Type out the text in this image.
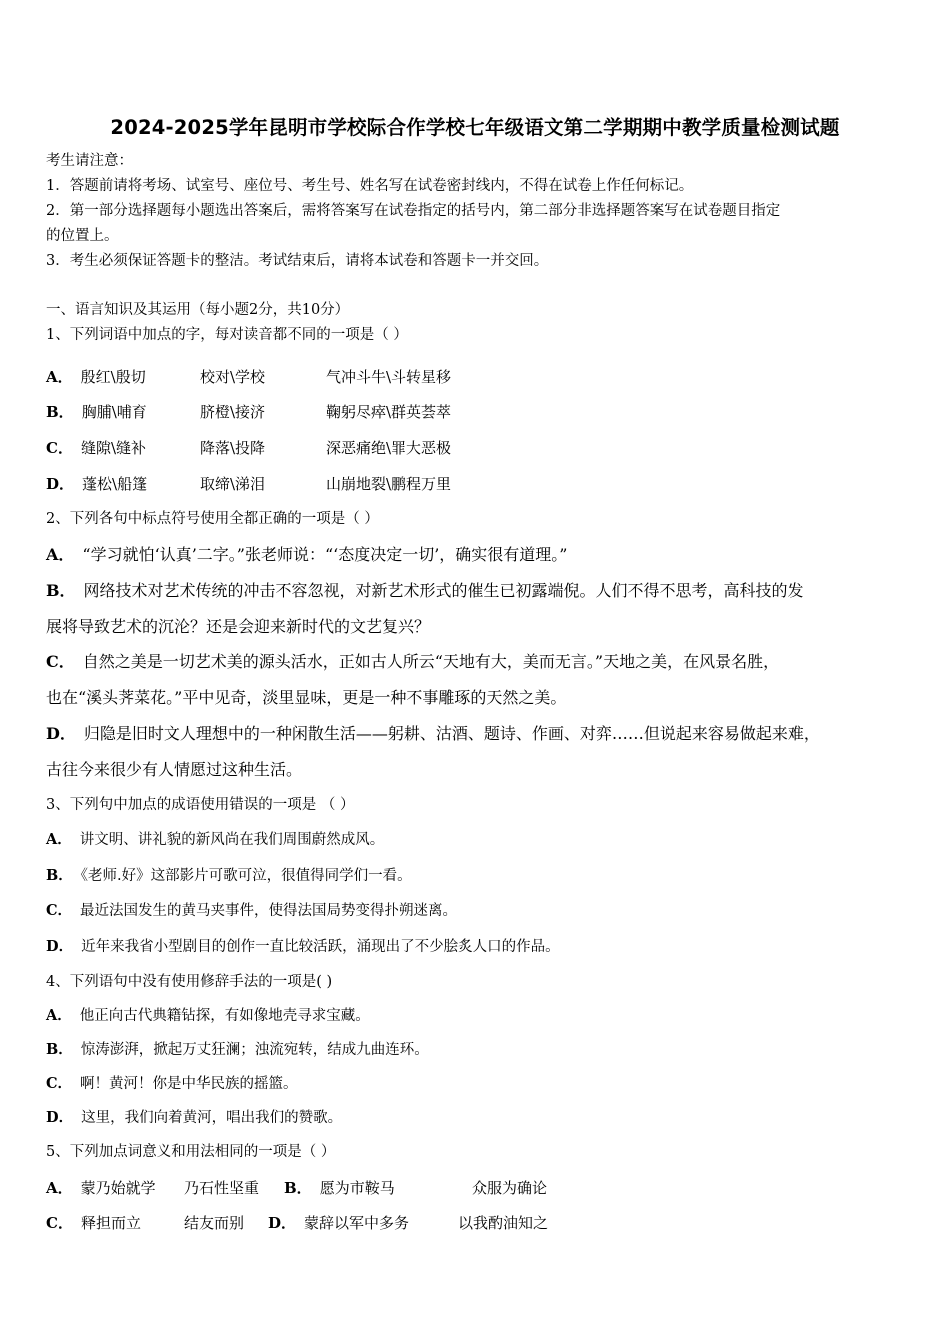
2024-2025学年昆明市学校际合作学校七年级语文第二学期期中教学质量检测试题
考生请注意：
1．答题前请将考场、试室号、座位号、考生号、姓名写在试卷密封线内，不得在试卷上作任何标记。
2．第一部分选择题每小题选出答案后，需将答案写在试卷指定的括号内，第二部分非选择题答案写在试卷题目指定
的位置上。
3．考生必须保证答题卡的整洁。考试结束后，请将本试卷和答题卡一并交回。
一、语言知识及其运用（每小题2分，共10分）
1、下列词语中加点的字，每对读音都不同的一项是（ ）
A． 殷红\殷切	校对\学校	气冲斗牛\斗转星移
B． 胸脯\哺育	脐橙\接济	鞠躬尽瘁\群英荟萃
C． 缝隙\缝补	降落\投降	深恶痛绝\罪大恶极
D． 蓬松\船篷	取缔\涕泪	山崩地裂\鹏程万里
2、下列各句中标点符号使用全都正确的一项是（ ）
A． “学习就怕‘认真’二字。”张老师说：“‘态度决定一切’，确实很有道理。”
B． 网络技术对艺术传统的冲击不容忽视，对新艺术形式的催生已初露端倪。人们不得不思考，高科技的发
展将导致艺术的沉沦？还是会迎来新时代的文艺复兴？
C． 自然之美是一切艺术美的源头活水，正如古人所云“天地有大，美而无言。”天地之美，在风景名胜，
也在“溪头荠菜花。”平中见奇，淡里显味，更是一种不事雕琢的天然之美。
D． 归隐是旧时文人理想中的一种闲散生活——躬耕、沽酒、题诗、作画、对弈……但说起来容易做起来难，
古往今来很少有人情愿过这种生活。
3、下列句中加点的成语使用错误的一项是 （ ）
A． 讲文明、讲礼貌的新风尚在我们周围蔚然成风。
B． 《老师.好》这部影片可歌可泣，很值得同学们一看。
C． 最近法国发生的黄马夹事件，使得法国局势变得扑朔迷离。
D． 近年来我省小型剧目的创作一直比较活跃，涌现出了不少脍炙人口的作品。
4、下列语句中没有使用修辞手法的一项是( )
A． 他正向古代典籍钻探，有如像地壳寻求宝藏。
B． 惊涛澎湃，掀起万丈狂澜；浊流宛转，结成九曲连环。
C． 啊！黄河！你是中华民族的摇篮。
D． 这里，我们向着黄河，唱出我们的赞歌。
5、下列加点词意义和用法相同的一项是（ ）
A． 蒙乃始就学 乃石性坚重 B． 愿为市鞍马	众服为确论
C． 释担而立	结友而别 D． 蒙辞以军中多务	以我酌油知之
